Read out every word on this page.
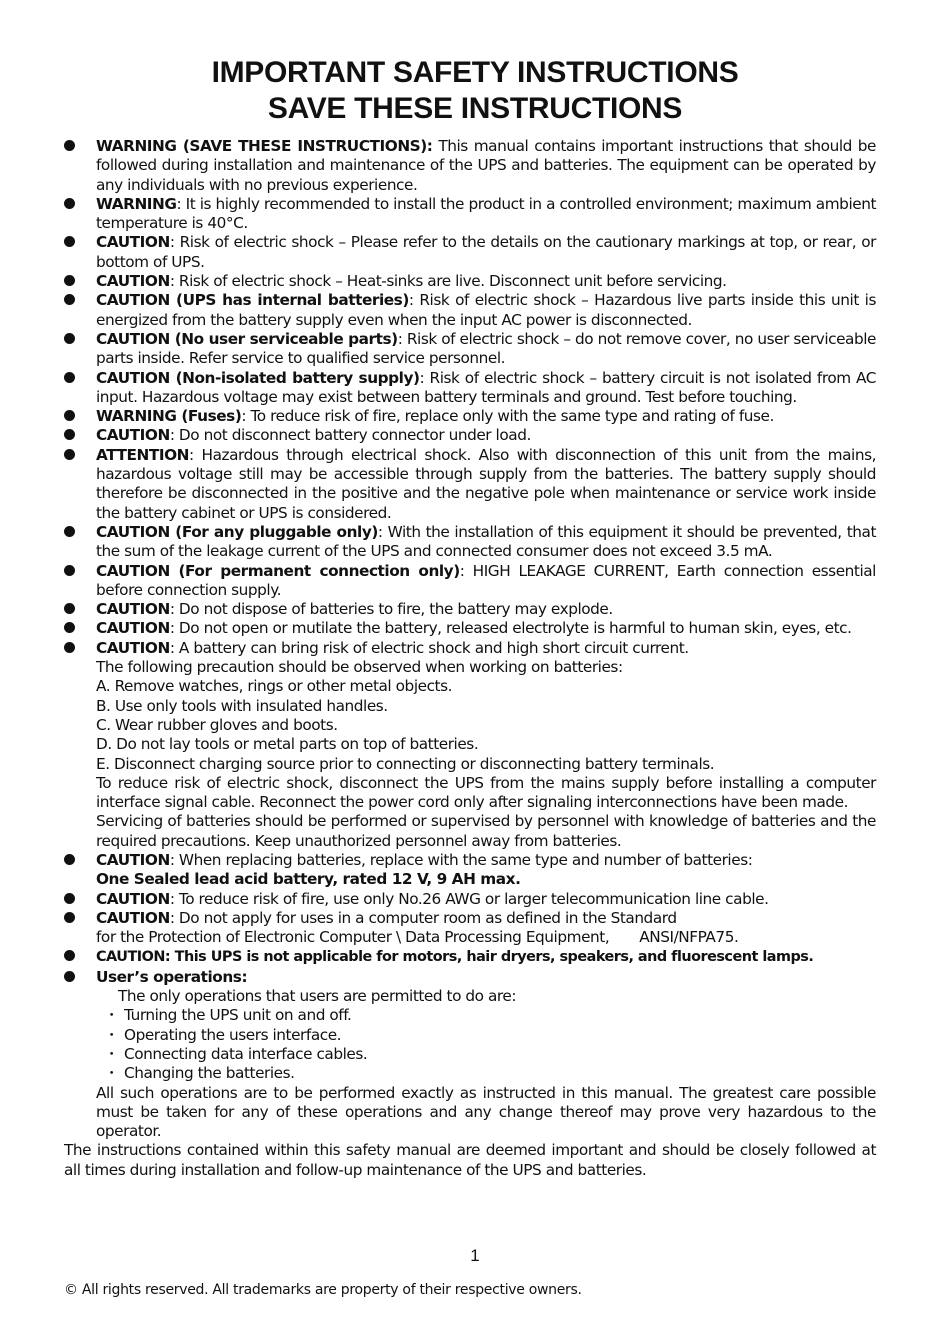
IMPORTANT SAFETY INSTRUCTIONS
SAVE THESE INSTRUCTIONS
WARNING (SAVE THESE INSTRUCTIONS): This manual contains important instructions that should be followed during installation and maintenance of the UPS and batteries. The equipment can be operated by any individuals with no previous experience.
WARNING: It is highly recommended to install the product in a controlled environment; maximum ambient temperature is 40°C.
CAUTION: Risk of electric shock – Please refer to the details on the cautionary markings at top, or rear, or bottom of UPS.
CAUTION: Risk of electric shock – Heat-sinks are live. Disconnect unit before servicing.
CAUTION (UPS has internal batteries): Risk of electric shock – Hazardous live parts inside this unit is energized from the battery supply even when the input AC power is disconnected.
CAUTION (No user serviceable parts): Risk of electric shock – do not remove cover, no user serviceable parts inside. Refer service to qualified service personnel.
CAUTION (Non-isolated battery supply): Risk of electric shock – battery circuit is not isolated from AC input. Hazardous voltage may exist between battery terminals and ground. Test before touching.
WARNING (Fuses): To reduce risk of fire, replace only with the same type and rating of fuse.
CAUTION: Do not disconnect battery connector under load.
ATTENTION: Hazardous through electrical shock. Also with disconnection of this unit from the mains, hazardous voltage still may be accessible through supply from the batteries. The battery supply should therefore be disconnected in the positive and the negative pole when maintenance or service work inside the battery cabinet or UPS is considered.
CAUTION (For any pluggable only): With the installation of this equipment it should be prevented, that the sum of the leakage current of the UPS and connected consumer does not exceed 3.5 mA.
CAUTION (For permanent connection only): HIGH LEAKAGE CURRENT, Earth connection essential before connection supply.
CAUTION: Do not dispose of batteries to fire, the battery may explode.
CAUTION: Do not open or mutilate the battery, released electrolyte is harmful to human skin, eyes, etc.
CAUTION: A battery can bring risk of electric shock and high short circuit current.
The following precaution should be observed when working on batteries:
A. Remove watches, rings or other metal objects.
B. Use only tools with insulated handles.
C. Wear rubber gloves and boots.
D. Do not lay tools or metal parts on top of batteries.
E. Disconnect charging source prior to connecting or disconnecting battery terminals.
To reduce risk of electric shock, disconnect the UPS from the mains supply before installing a computer interface signal cable. Reconnect the power cord only after signaling interconnections have been made.
Servicing of batteries should be performed or supervised by personnel with knowledge of batteries and the required precautions. Keep unauthorized personnel away from batteries.
CAUTION: When replacing batteries, replace with the same type and number of batteries:
One Sealed lead acid battery, rated 12 V, 9 AH max.
CAUTION: To reduce risk of fire, use only No.26 AWG or larger telecommunication line cable.
CAUTION: Do not apply for uses in a computer room as defined in the Standard
for the Protection of Electronic Computer \ Data Processing Equipment, ANSI/NFPA75.
CAUTION: This UPS is not applicable for motors, hair dryers, speakers, and fluorescent lamps.
User’s operations:
The only operations that users are permitted to do are:
・ Turning the UPS unit on and off.
・ Operating the users interface.
・ Connecting data interface cables.
・ Changing the batteries.
All such operations are to be performed exactly as instructed in this manual. The greatest care possible must be taken for any of these operations and any change thereof may prove very hazardous to the operator.
The instructions contained within this safety manual are deemed important and should be closely followed at all times during installation and follow-up maintenance of the UPS and batteries.
1
© All rights reserved. All trademarks are property of their respective owners.
